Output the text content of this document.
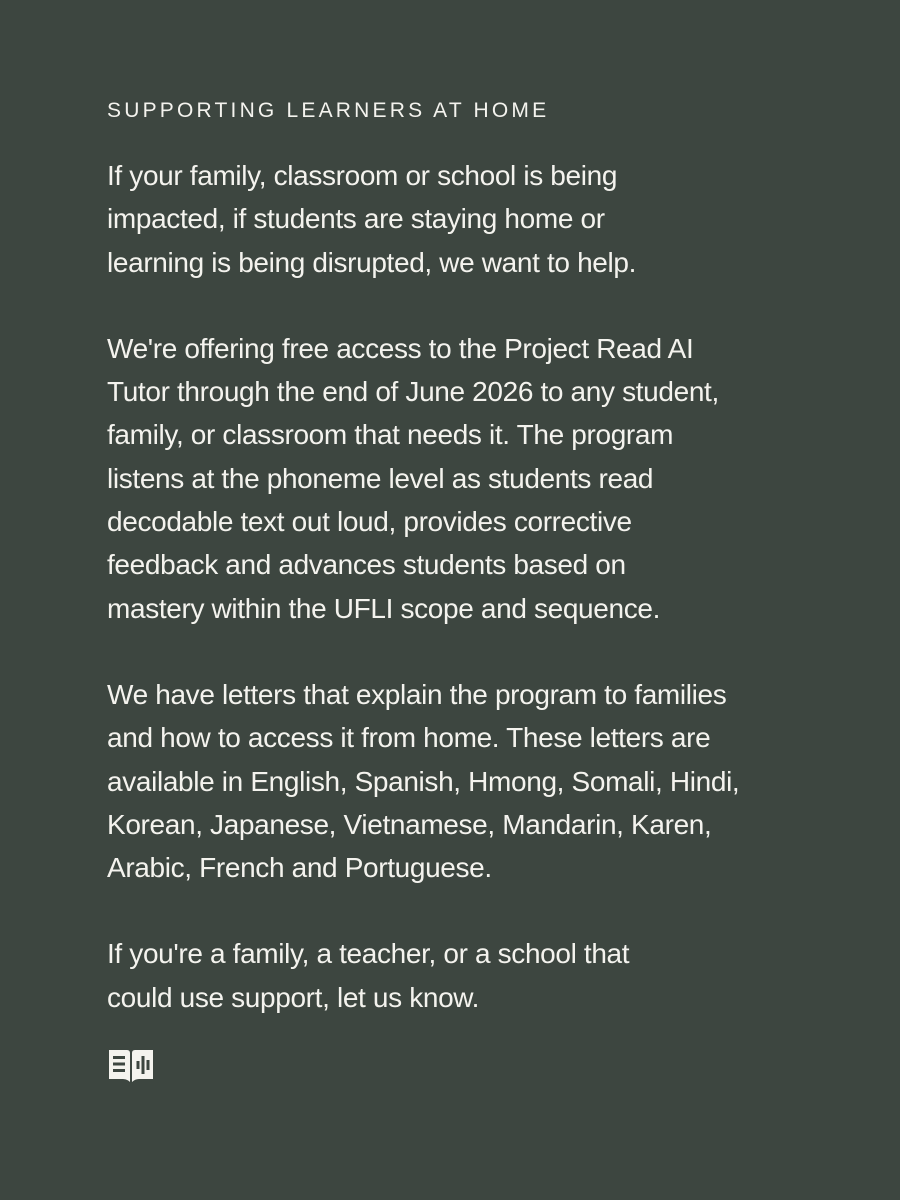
SUPPORTING LEARNERS AT HOME
If your family, classroom or school is being
impacted, if students are staying home or
learning is being disrupted, we want to help.
We're offering free access to the Project Read AI
Tutor through the end of June 2026 to any student,
family, or classroom that needs it. The program
listens at the phoneme level as students read
decodable text out loud, provides corrective
feedback and advances students based on
mastery within the UFLI scope and sequence.
We have letters that explain the program to families
and how to access it from home. These letters are
available in English, Spanish, Hmong, Somali, Hindi,
Korean, Japanese, Vietnamese, Mandarin, Karen,
Arabic, French and Portuguese.
If you're a family, a teacher, or a school that
could use support, let us know.
